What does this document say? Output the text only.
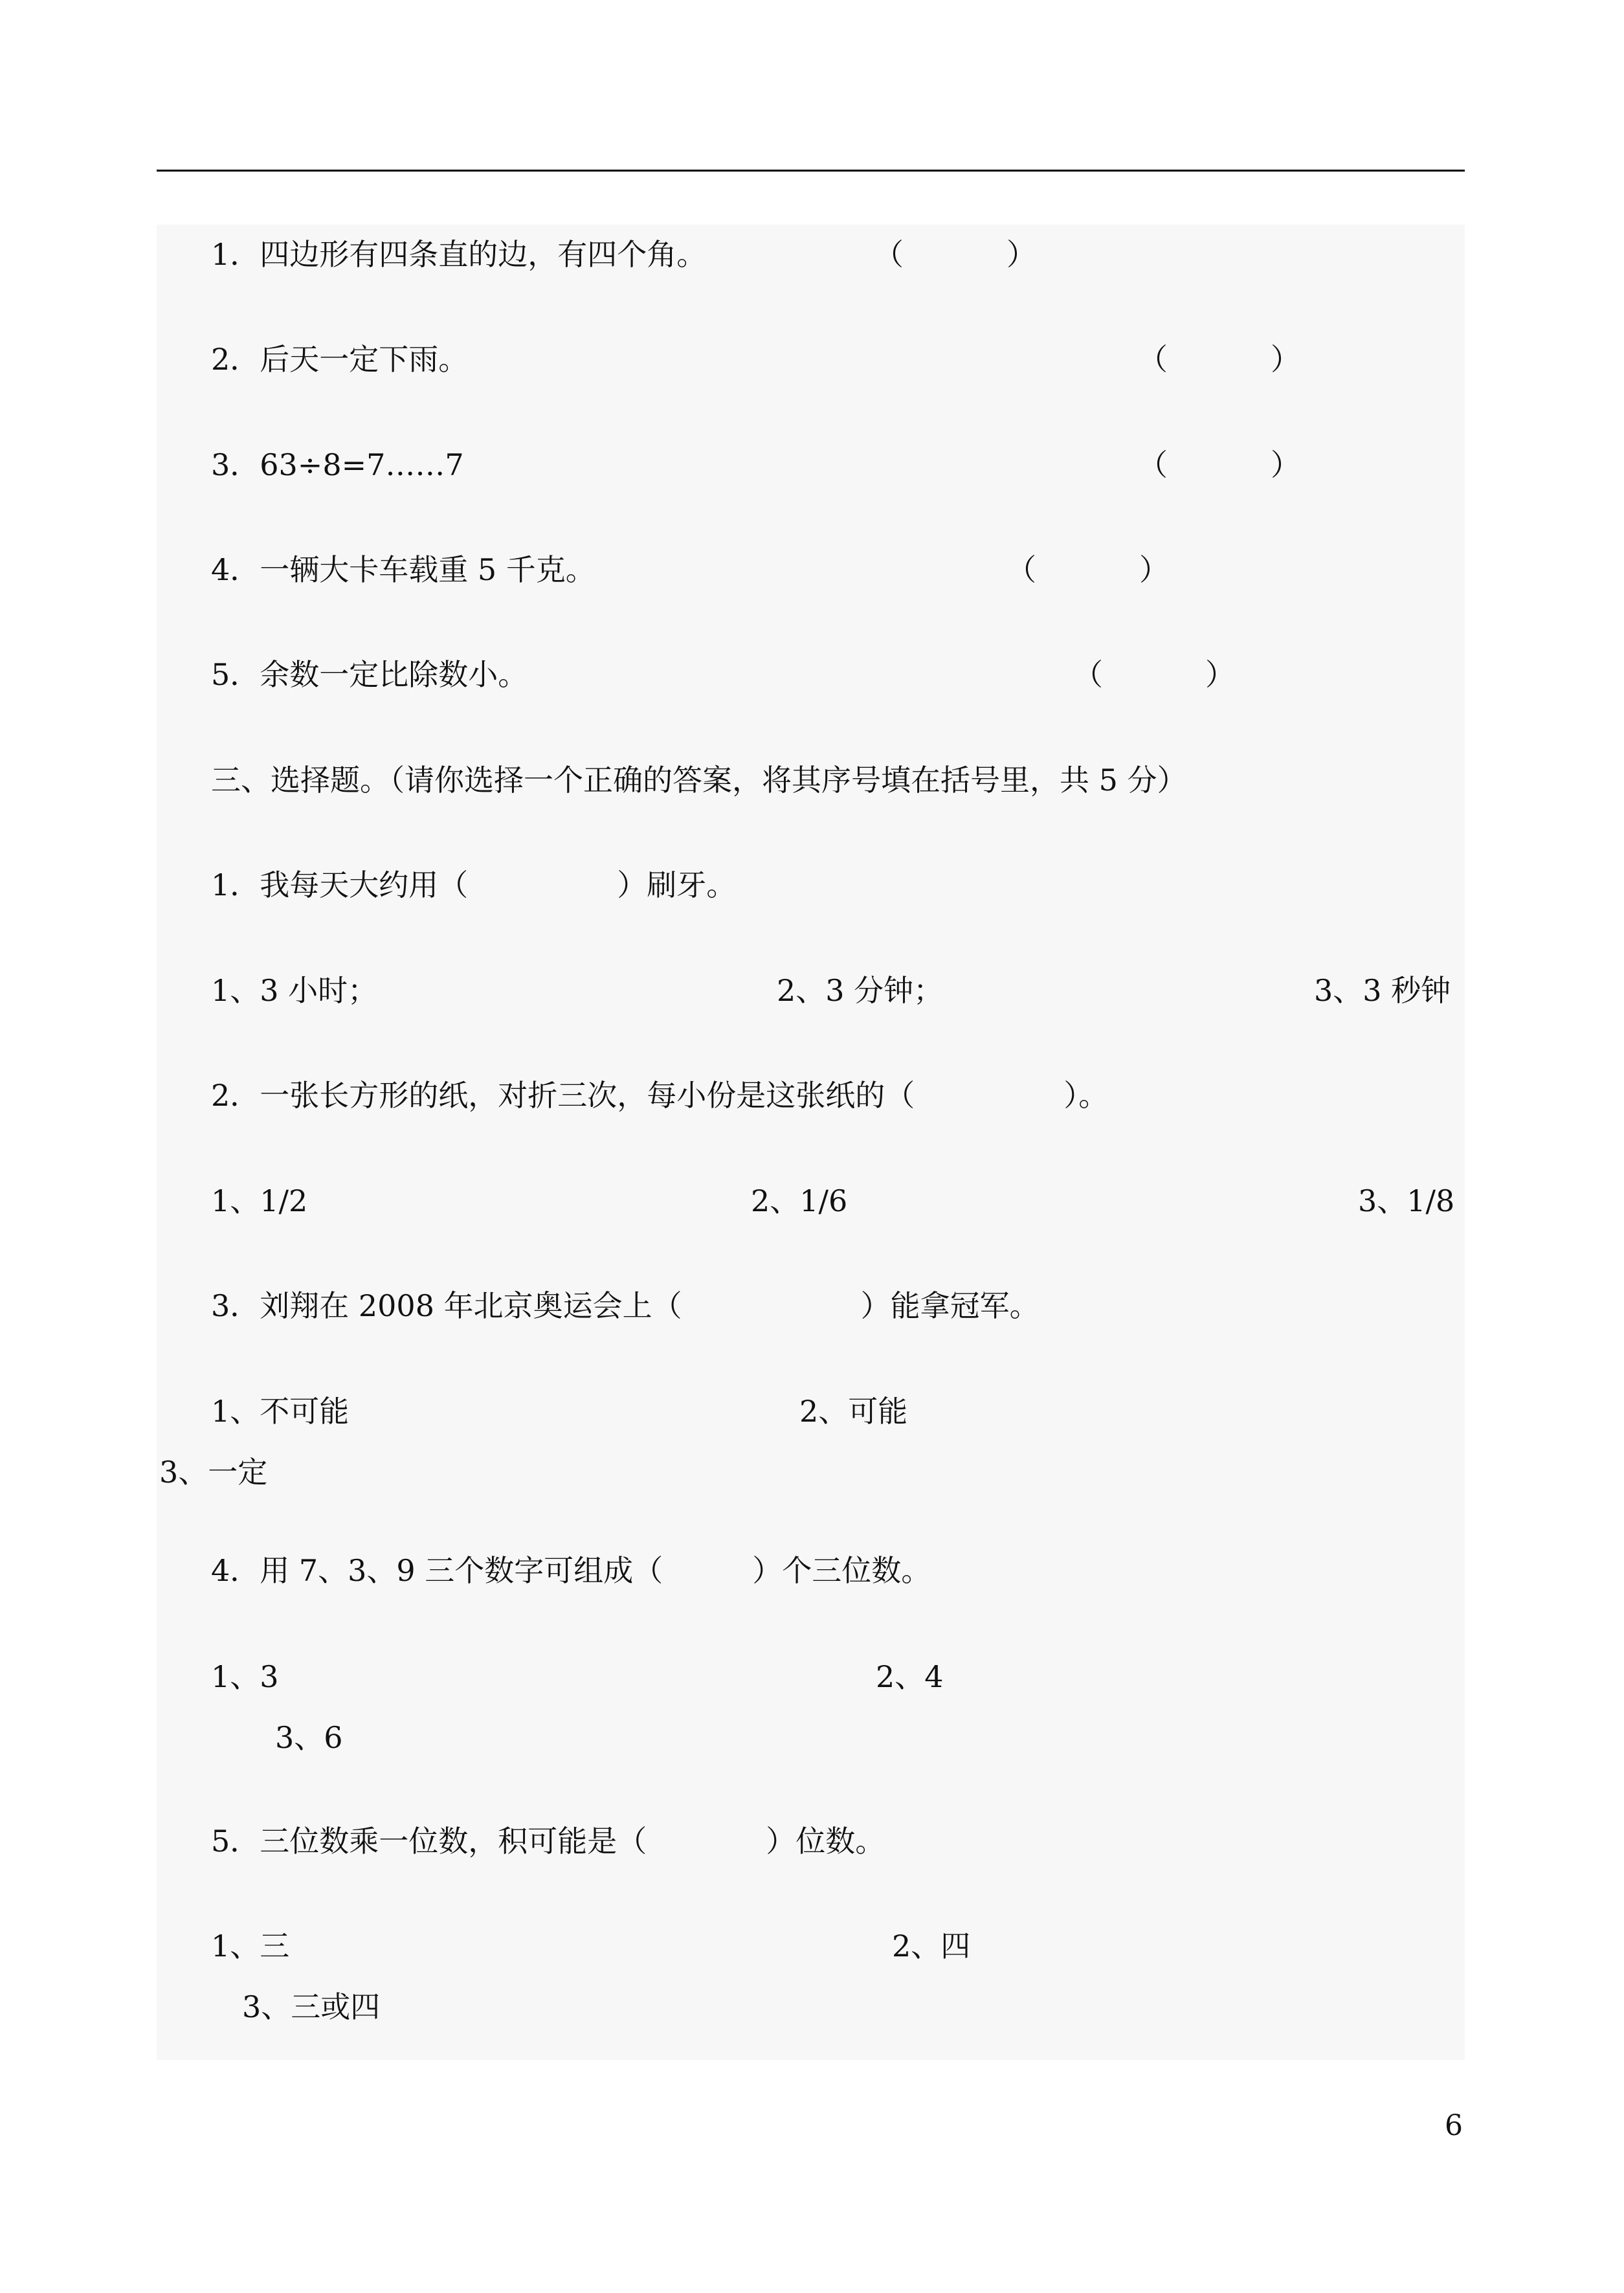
1．四边形有四条直的边，有四个角。	（	）
2．后天一定下雨。	（	）
3．63÷8=7……7	（	）
4．一辆大卡车载重 5 千克。	（	）
5．余数一定比除数小。	（	）
三、选择题。（请你选择一个正确的答案，将其序号填在括号里，共 5 分）
1．我每天大约用（　　　　　）刷牙。
1、3 小时；	2、3 分钟；	3、3 秒钟
2．一张长方形的纸，对折三次，每小份是这张纸的（　　　　　）。
1、1/2	2、1/6	3、1/8
3．刘翔在 2008 年北京奥运会上（　　　　　　）能拿冠军。
1、不可能	2、可能
3、一定
4．用 7、3、9 三个数字可组成（　　　）个三位数。
1、3	2、4
3、6
5．三位数乘一位数，积可能是（　　　　）位数。
1、三	2、四
3、三或四
6
